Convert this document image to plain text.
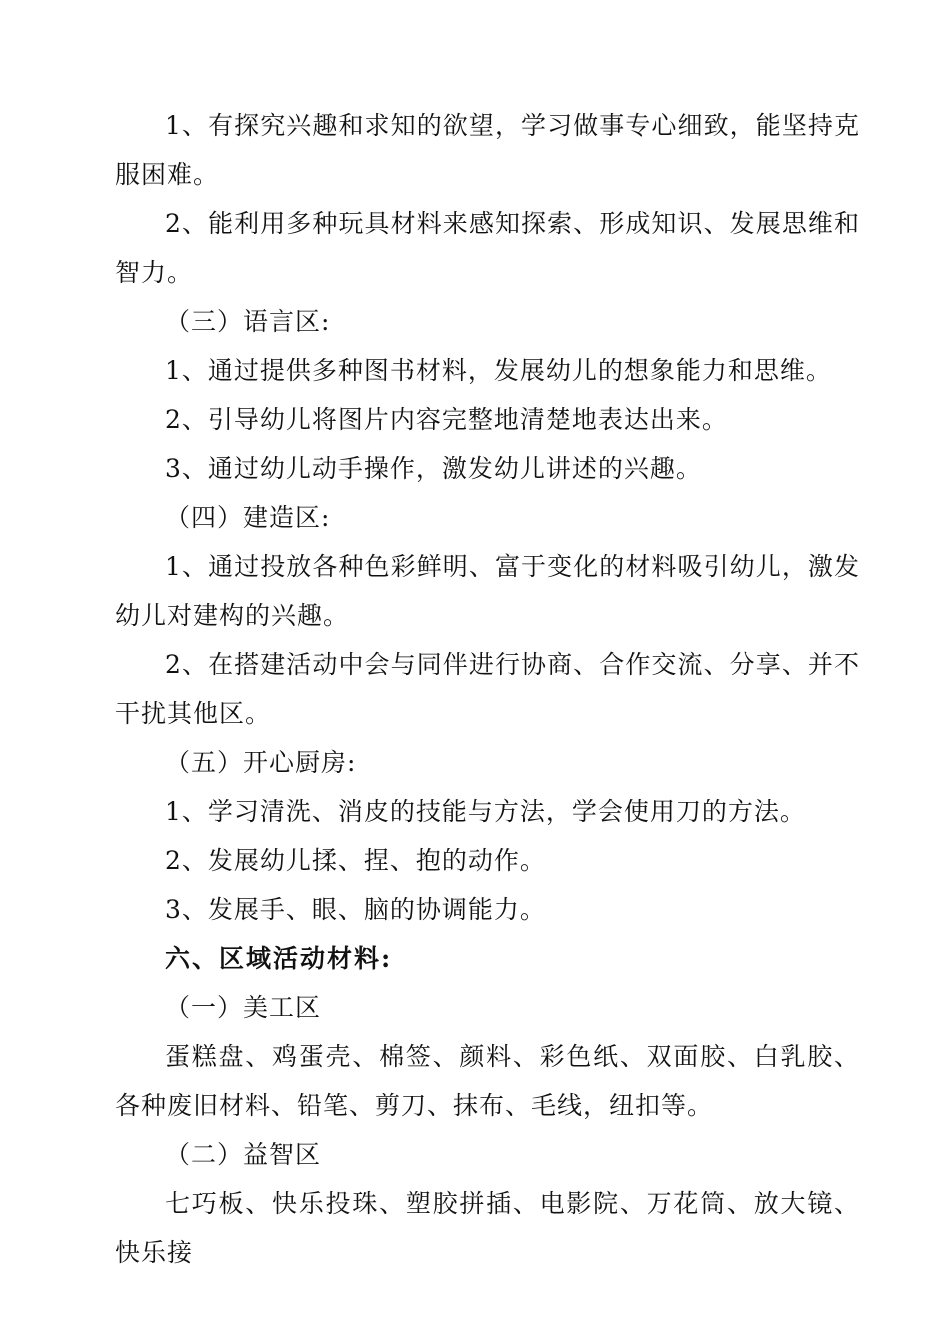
1、有探究兴趣和求知的欲望，学习做事专心细致，能坚持克服困难。

2、能利用多种玩具材料来感知探索、形成知识、发展思维和智力。

（三）语言区:

1、通过提供多种图书材料，发展幼儿的想象能力和思维。

2、引导幼儿将图片内容完整地清楚地表达出来。

3、通过幼儿动手操作，激发幼儿讲述的兴趣。

（四）建造区:

1、通过投放各种色彩鲜明、富于变化的材料吸引幼儿，激发幼儿对建构的兴趣。

2、在搭建活动中会与同伴进行协商、合作交流、分享、并不干扰其他区。

（五）开心厨房:

1、学习清洗、消皮的技能与方法，学会使用刀的方法。

2、发展幼儿揉、捏、抱的动作。

3、发展手、眼、脑的协调能力。

六、区域活动材料:

（一）美工区

蛋糕盘、鸡蛋壳、棉签、颜料、彩色纸、双面胶、白乳胶、各种废旧材料、铅笔、剪刀、抹布、毛线，纽扣等。

（二）益智区

七巧板、快乐投珠、塑胶拼插、电影院、万花筒、放大镜、快乐接
